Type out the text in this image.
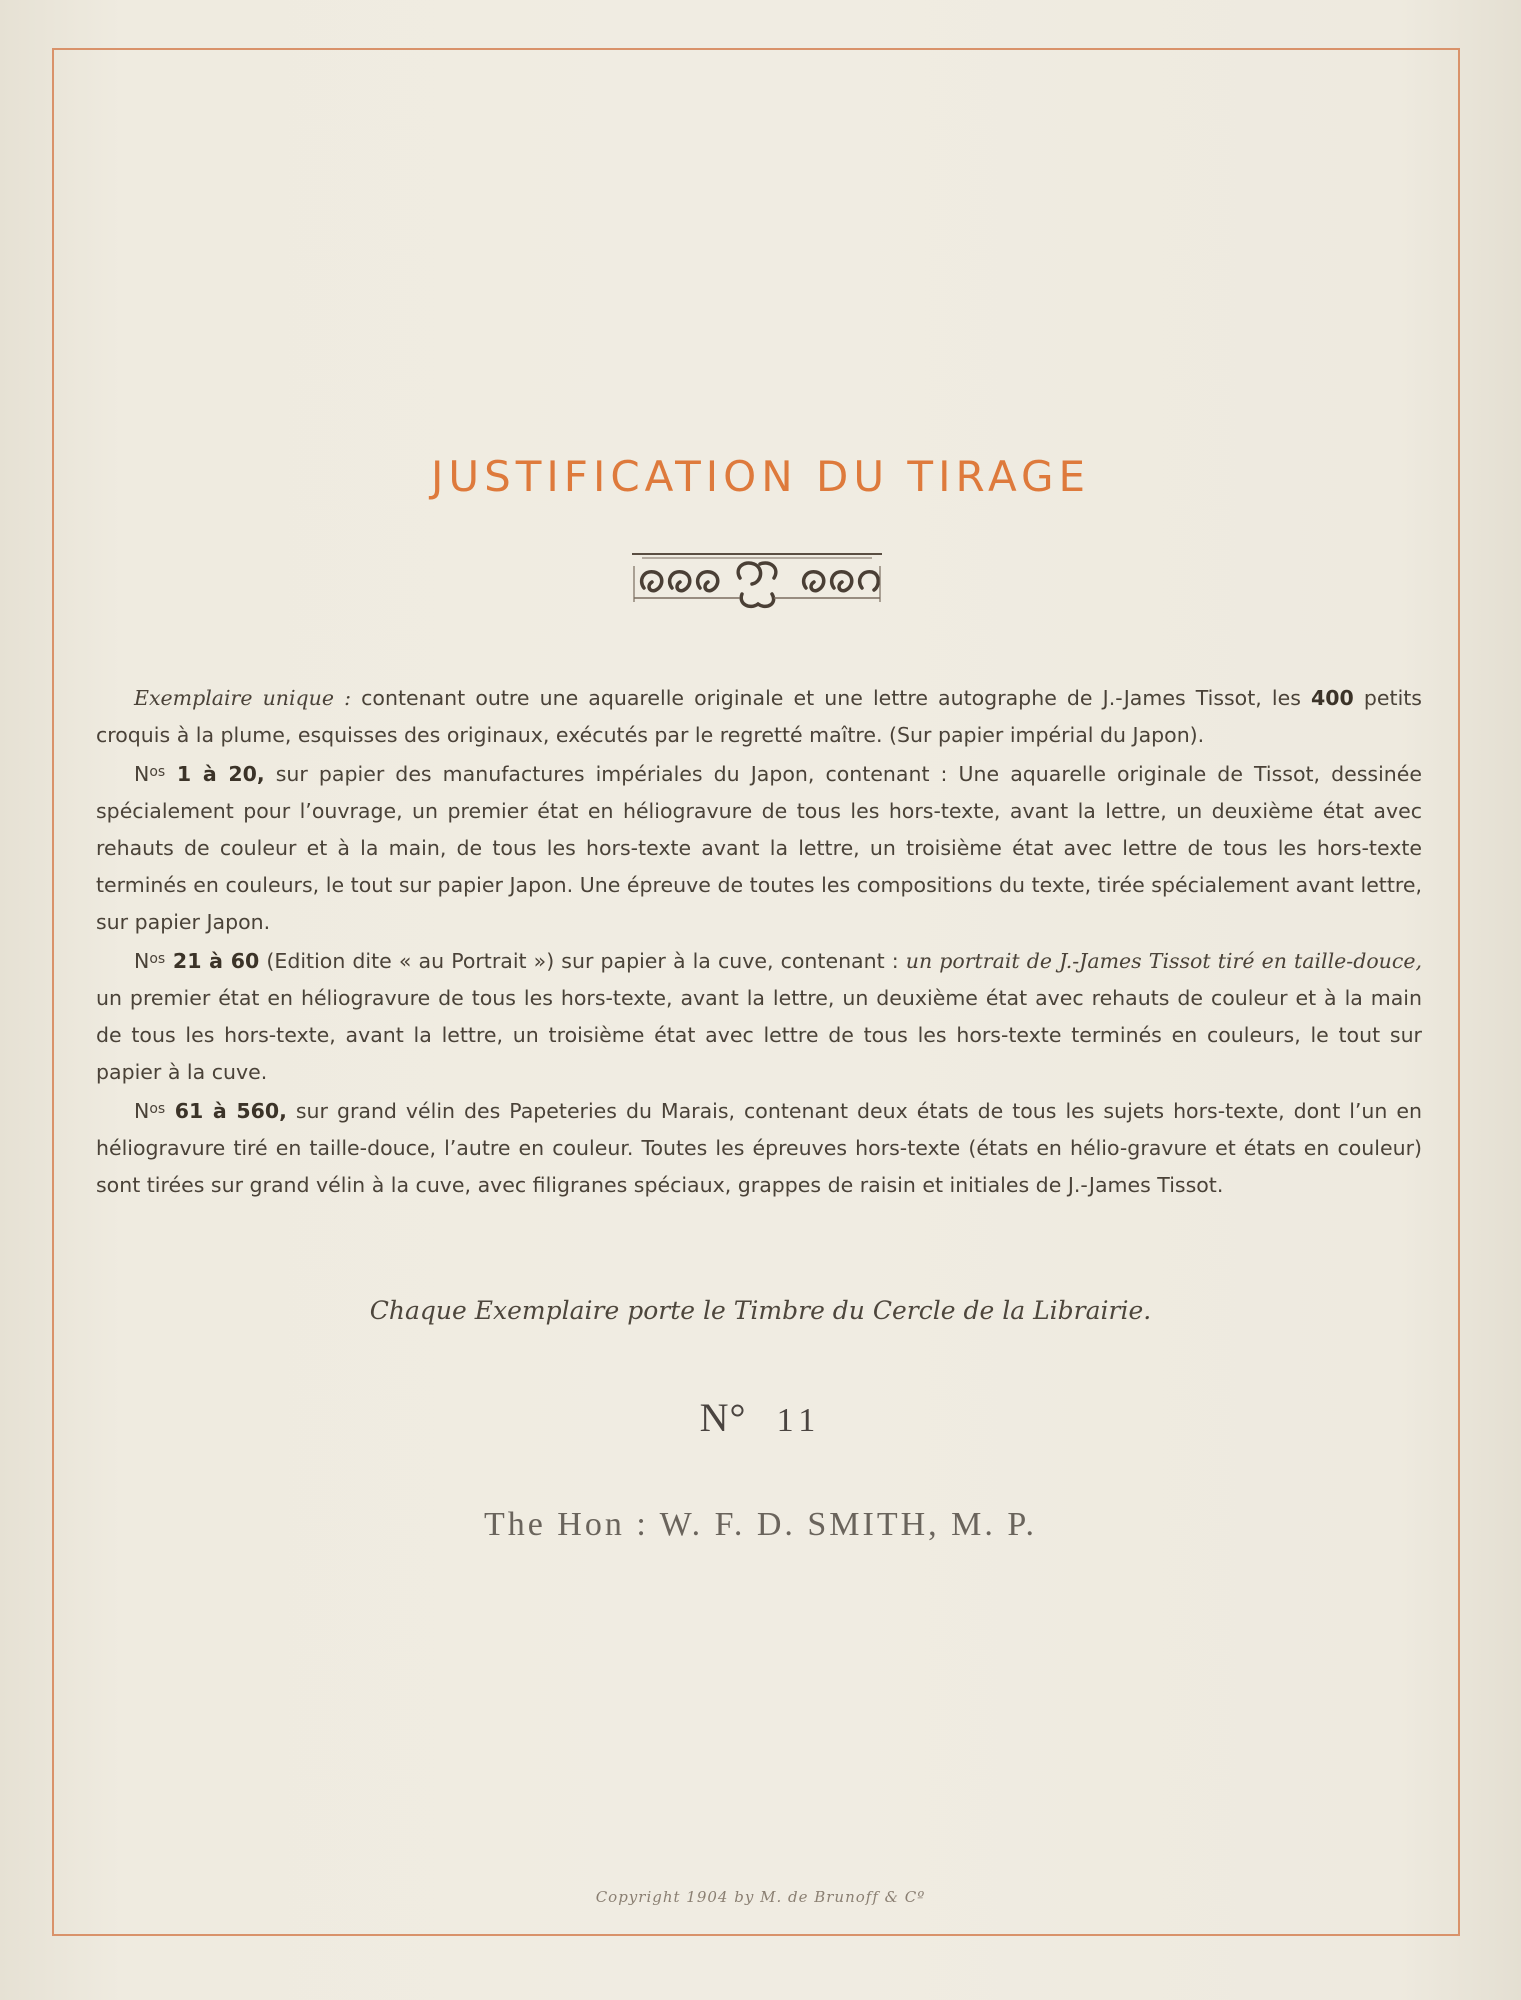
JUSTIFICATION DU TIRAGE

Exemplaire unique : contenant outre une aquarelle originale et une lettre autographe de J.-James Tissot, les 400 petits croquis à la plume, esquisses des originaux, exécutés par le regretté maître. (Sur papier impérial du Japon).

$N^{os}$ 1 à 20, sur papier des manufactures impériales du Japon, contenant : Une aquarelle originale de Tissot, dessinée spécialement pour l’ouvrage, un premier état en héliogravure de tous les hors-texte, avant la lettre, un deuxième état avec rehauts de couleur et à la main, de tous les hors-texte avant la lettre, un troisième état avec lettre de tous les hors-texte terminés en couleurs, le tout sur papier Japon. Une épreuve de toutes les compositions du texte, tirée spécialement avant lettre, sur papier Japon.

$N^{os}$ 21 à 60 (Edition dite « au Portrait ») sur papier à la cuve, contenant : un portrait de J.-James Tissot tiré en taille-douce, un premier état en héliogravure de tous les hors-texte, avant la lettre, un deuxième état avec rehauts de couleur et à la main de tous les hors-texte, avant la lettre, un troisième état avec lettre de tous les hors-texte terminés en couleurs, le tout sur papier à la cuve.

$N^{os}$ 61 à 560, sur grand vélin des Papeteries du Marais, contenant deux états de tous les sujets hors-texte, dont l’un en héliogravure tiré en taille-douce, l’autre en couleur. Toutes les épreuves hors-texte (états en hélio-gravure et états en couleur) sont tirées sur grand vélin à la cuve, avec filigranes spéciaux, grappes de raisin et initiales de J.-James Tissot.

Chaque Exemplaire porte le Timbre du Cercle de la Librairie.

N° 11

The Hon : W. F. D. SMITH, M. P.

Copyright 1904 by M. de Brunoff & Cº
